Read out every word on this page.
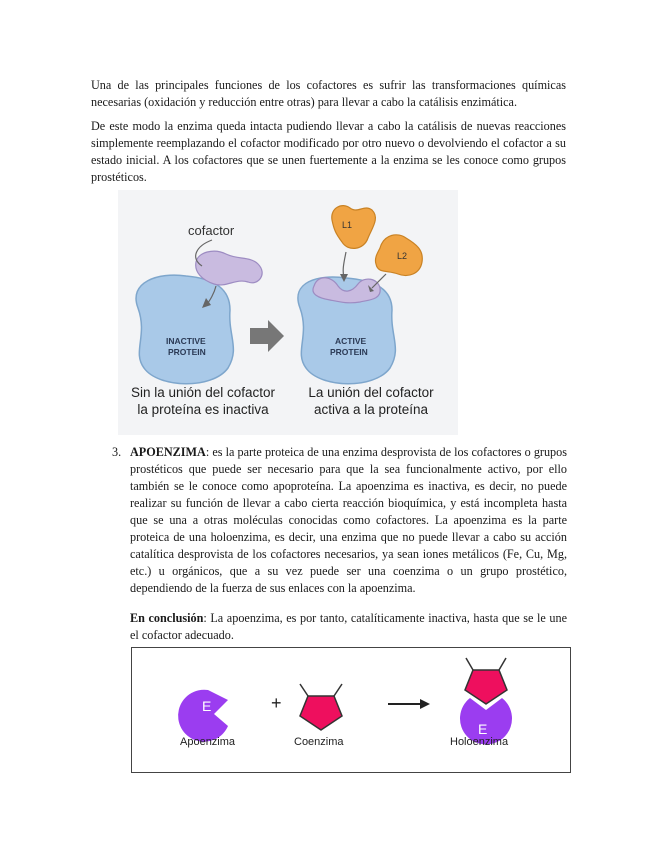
Una de las principales funciones de los cofactores es sufrir las transformaciones químicas necesarias (oxidación y reducción entre otras) para llevar a cabo la catálisis enzimática.

De este modo la enzima queda intacta pudiendo llevar a cabo la catálisis de nuevas reacciones simplemente reemplazando el cofactor modificado por otro nuevo o devolviendo el cofactor a su estado inicial. A los cofactores que se unen fuertemente a la enzima se les conoce como grupos prostéticos.

cofactor
INACTIVE
PROTEIN
ACTIVE
PROTEIN
L1
L2
Sin la unión del cofactor
la proteína es inactiva
La unión del cofactor
activa a la proteína
3. APOENZIMA: es la parte proteica de una enzima desprovista de los cofactores o grupos prostéticos que puede ser necesario para que la sea funcionalmente activo, por ello también se le conoce como apoproteína. La apoenzima es inactiva, es decir, no puede realizar su función de llevar a cabo cierta reacción bioquímica, y está incompleta hasta que se una a otras moléculas conocidas como cofactores. La apoenzima es la parte proteica de una holoenzima, es decir, una enzima que no puede llevar a cabo su acción catalítica desprovista de los cofactores necesarios, ya sean iones metálicos (Fe, Cu, Mg, etc.) u orgánicos, que a su vez puede ser una coenzima o un grupo prostético, dependiendo de la fuerza de sus enlaces con la apoenzima.

En conclusión: La apoenzima, es por tanto, catalíticamente inactiva, hasta que se le une el cofactor adecuado.

E	+
E
Apoenzima	Coenzima	Holoenzima
